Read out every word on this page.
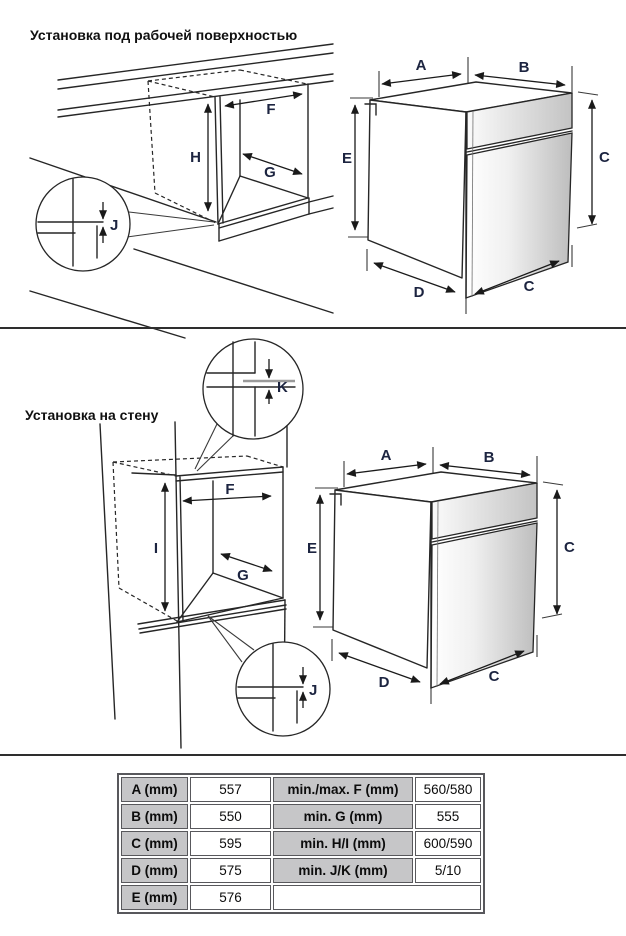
F
H
G
J
A	B
E	C
D	C
I
F
G
K
J
A	B
E	C
D	C
Установка под рабочей поверхностью
Установка на стену
A (mm)	557	min./max. F (mm)	560/580
B (mm)	550	min. G (mm)	555
C (mm)	595	min. H/I (mm)	600/590
D (mm)	575	min. J/K (mm)	5/10
E (mm)	576		
